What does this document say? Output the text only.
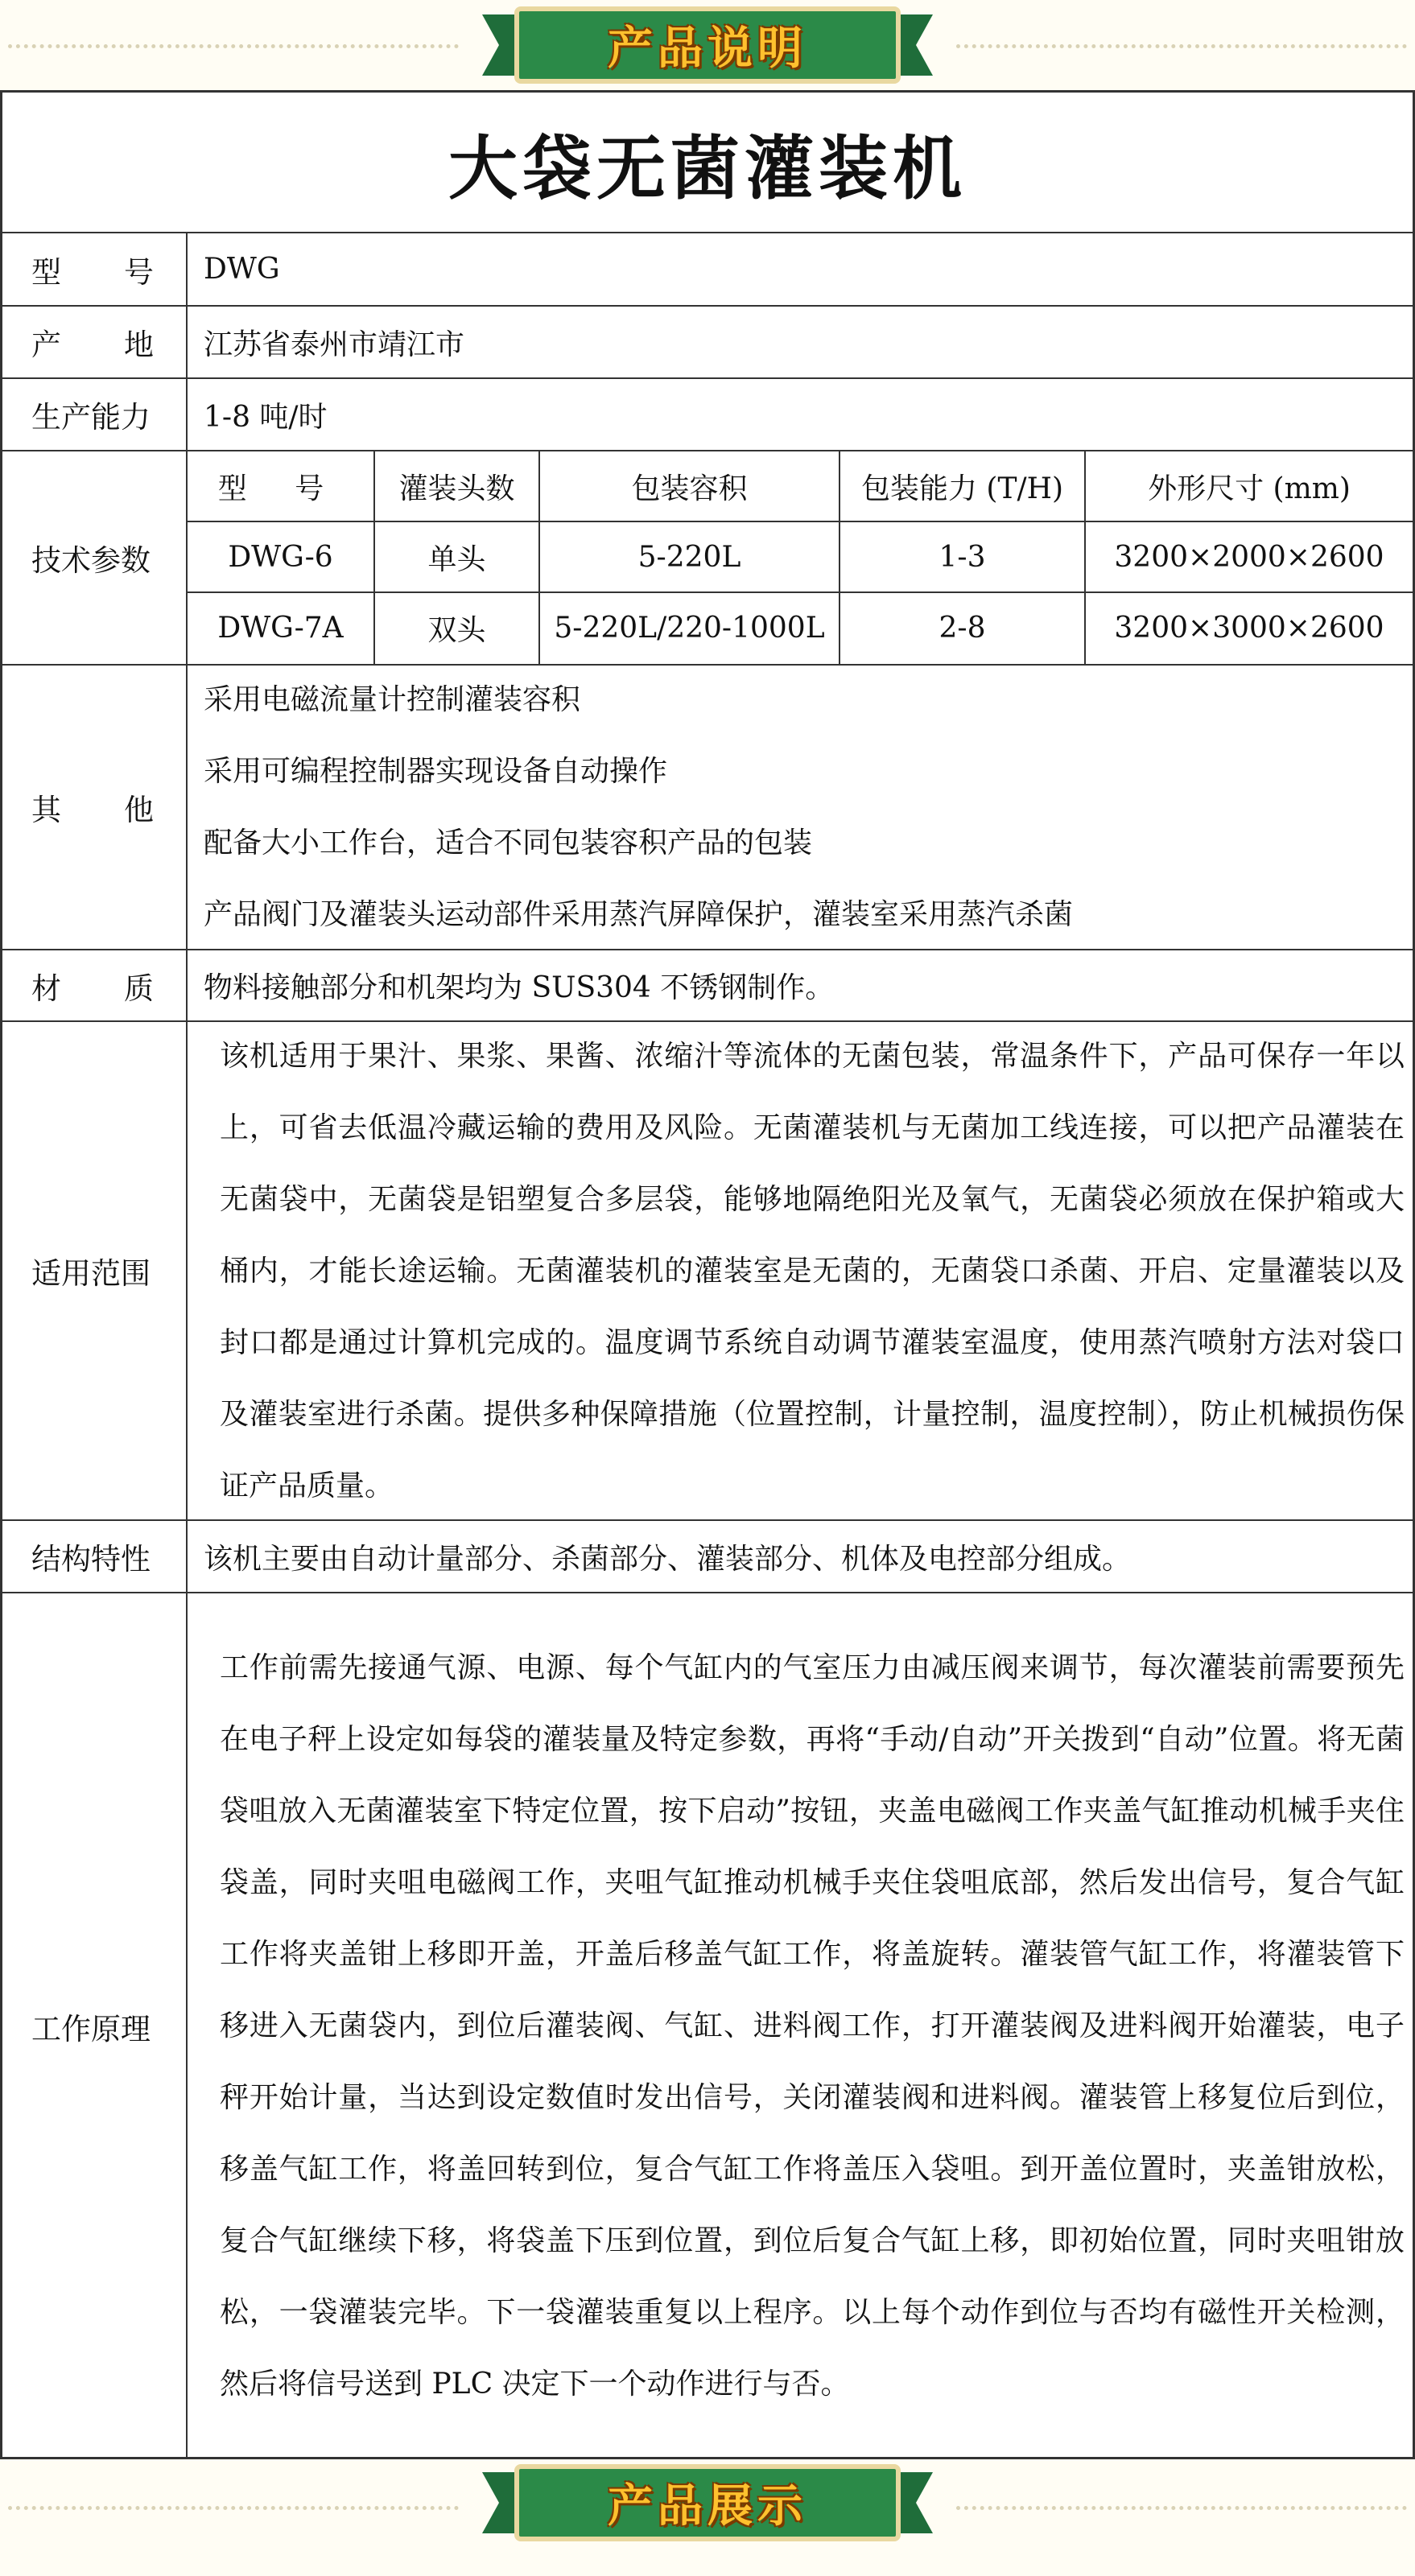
产品说明
大袋无菌灌装机
型 号	DWG
产 地	江苏省泰州市靖江市
生产能力	1-8 吨/时
技术参数
型 号	灌装头数	包装容积	包装能力 (T/H)	外形尺寸 (mm)
DWG-6	单头	5-220L	1-3	3200×2000×2600
DWG-7A	双头	5-220L/220-1000L	2-8	3200×3000×2600
其 他
采用电磁流量计控制灌装容积
采用可编程控制器实现设备自动操作
配备大小工作台，适合不同包装容积产品的包装
产品阀门及灌装头运动部件采用蒸汽屏障保护，灌装室采用蒸汽杀菌
材 质	物料接触部分和机架均为 SUS304 不锈钢制作。
适用范围
该机适用于果汁、果浆、果酱、浓缩汁等流体的无菌包装，常温条件下，产品可保存一年以上，可省去低温冷藏运输的费用及风险。无菌灌装机与无菌加工线连接，可以把产品灌装在无菌袋中，无菌袋是铝塑复合多层袋，能够地隔绝阳光及氧气，无菌袋必须放在保护箱或大桶内，才能长途运输。无菌灌装机的灌装室是无菌的，无菌袋口杀菌、开启、定量灌装以及封口都是通过计算机完成的。温度调节系统自动调节灌装室温度，使用蒸汽喷射方法对袋口及灌装室进行杀菌。提供多种保障措施（位置控制，计量控制，温度控制），防止机械损伤保证产品质量。
结构特性	该机主要由自动计量部分、杀菌部分、灌装部分、机体及电控部分组成。
工作原理
工作前需先接通气源、电源、每个气缸内的气室压力由减压阀来调节，每次灌装前需要预先在电子秤上设定如每袋的灌装量及特定参数，再将“手动/自动”开关拨到“自动”位置。将无菌袋咀放入无菌灌装室下特定位置，按下启动”按钮，夹盖电磁阀工作夹盖气缸推动机械手夹住袋盖，同时夹咀电磁阀工作，夹咀气缸推动机械手夹住袋咀底部，然后发出信号，复合气缸工作将夹盖钳上移即开盖，开盖后移盖气缸工作，将盖旋转。灌装管气缸工作，将灌装管下移进入无菌袋内，到位后灌装阀、气缸、进料阀工作，打开灌装阀及进料阀开始灌装，电子秤开始计量，当达到设定数值时发出信号，关闭灌装阀和进料阀。灌装管上移复位后到位，移盖气缸工作，将盖回转到位，复合气缸工作将盖压入袋咀。到开盖位置时，夹盖钳放松，复合气缸继续下移，将袋盖下压到位置，到位后复合气缸上移，即初始位置，同时夹咀钳放松，一袋灌装完毕。下一袋灌装重复以上程序。以上每个动作到位与否均有磁性开关检测，然后将信号送到 PLC 决定下一个动作进行与否。
产品展示
